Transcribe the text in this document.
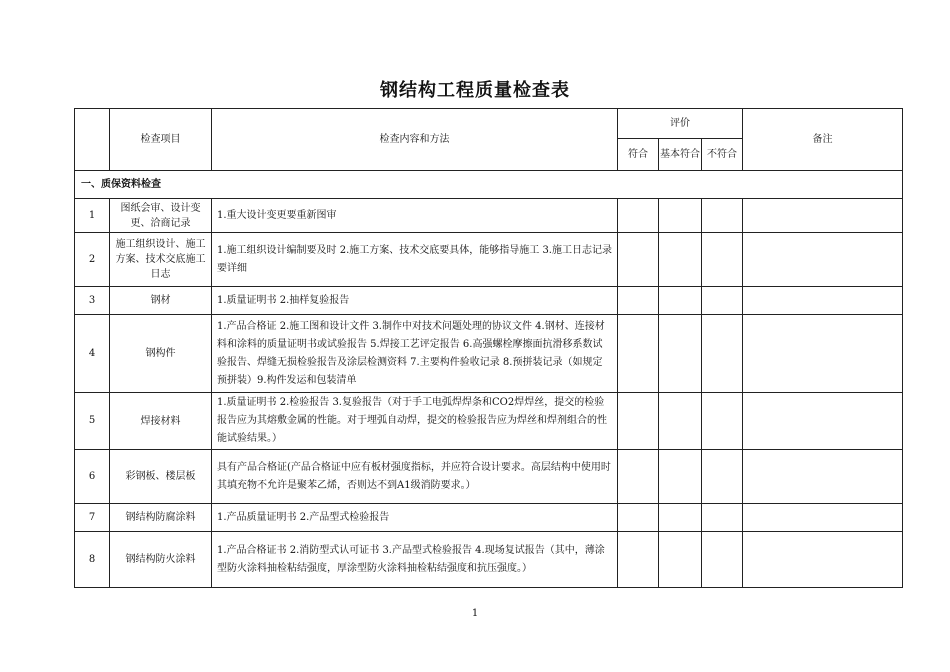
钢结构工程质量检查表
	检查项目	检查内容和方法	评价			备注
			符合	基本符合	不符合	
一、质保资料检查						
1	图纸会审、设计变更、洽商记录	1.重大设计变更要重新图审				
2	施工组织设计、施工方案、技术交底施工日志	1.施工组织设计编制要及时 2.施工方案、技术交底要具体，能够指导施工 3.施工日志记录要详细				
3	钢材	1.质量证明书 2.抽样复验报告				
4	钢构件	1.产品合格证 2.施工图和设计文件 3.制作中对技术问题处理的协议文件 4.钢材、连接材料和涂料的质量证明书或试验报告 5.焊接工艺评定报告 6.高强螺栓摩擦面抗滑移系数试验报告、焊缝无损检验报告及涂层检测资料 7.主要构件验收记录 8.预拼装记录（如规定预拼装）9.构件发运和包装清单				
5	焊接材料	1.质量证明书 2.检验报告 3.复验报告（对于手工电弧焊焊条和CO2焊焊丝，提交的检验报告应为其熔敷金属的性能。对于埋弧自动焊，提交的检验报告应为焊丝和焊剂组合的性能试验结果。）				
6	彩钢板、楼层板	具有产品合格证(产品合格证中应有板材强度指标，并应符合设计要求。高层结构中使用时其填充物不允许是聚苯乙烯，否则达不到A1级消防要求。）				
7	钢结构防腐涂料	1.产品质量证明书 2.产品型式检验报告				
8	钢结构防火涂料	1.产品合格证书 2.消防型式认可证书 3.产品型式检验报告 4.现场复试报告（其中，薄涂型防火涂料抽检粘结强度，厚涂型防火涂料抽检粘结强度和抗压强度。）				
1
